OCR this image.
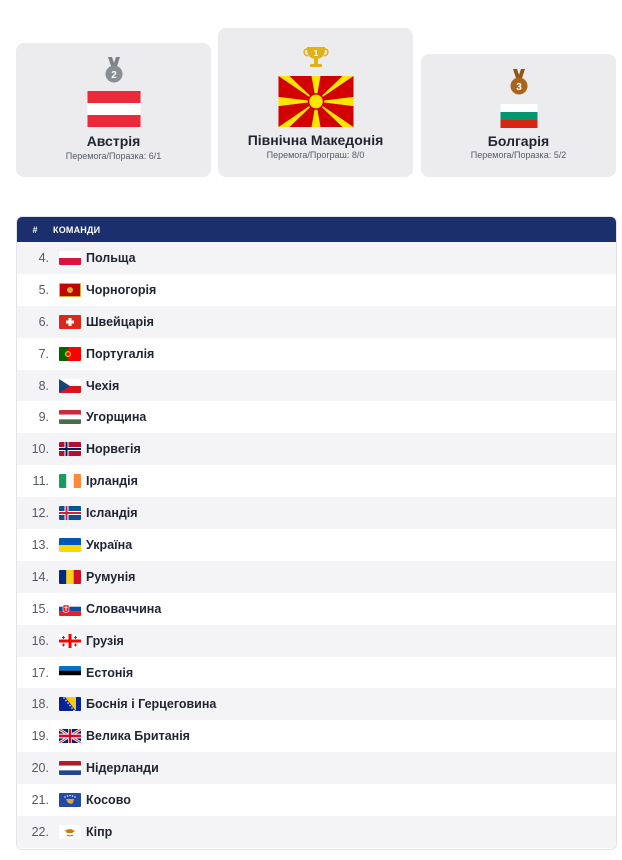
2
Австрія
Перемога/Поразка: 6/1
1
Північна Македонія
Перемога/Програш: 8/0
3
Болгарія
Перемога/Поразка: 5/2
#	КОМАНДИ
4.	Польща
5.	Чорногорія
6.	Швейцарія
7.	Португалія
8.	Чехія
9.	Угорщина
10.	Норвегія
11.	Ірландія
12.	Ісландія
13.	Україна
14.	Румунія
15.	Словаччина
16.	Грузія
17.	Естонія
18.	Боснія і Герцеговина
19.	Велика Британія
20.	Нідерланди
21.	Косово
22.	Кіпр
